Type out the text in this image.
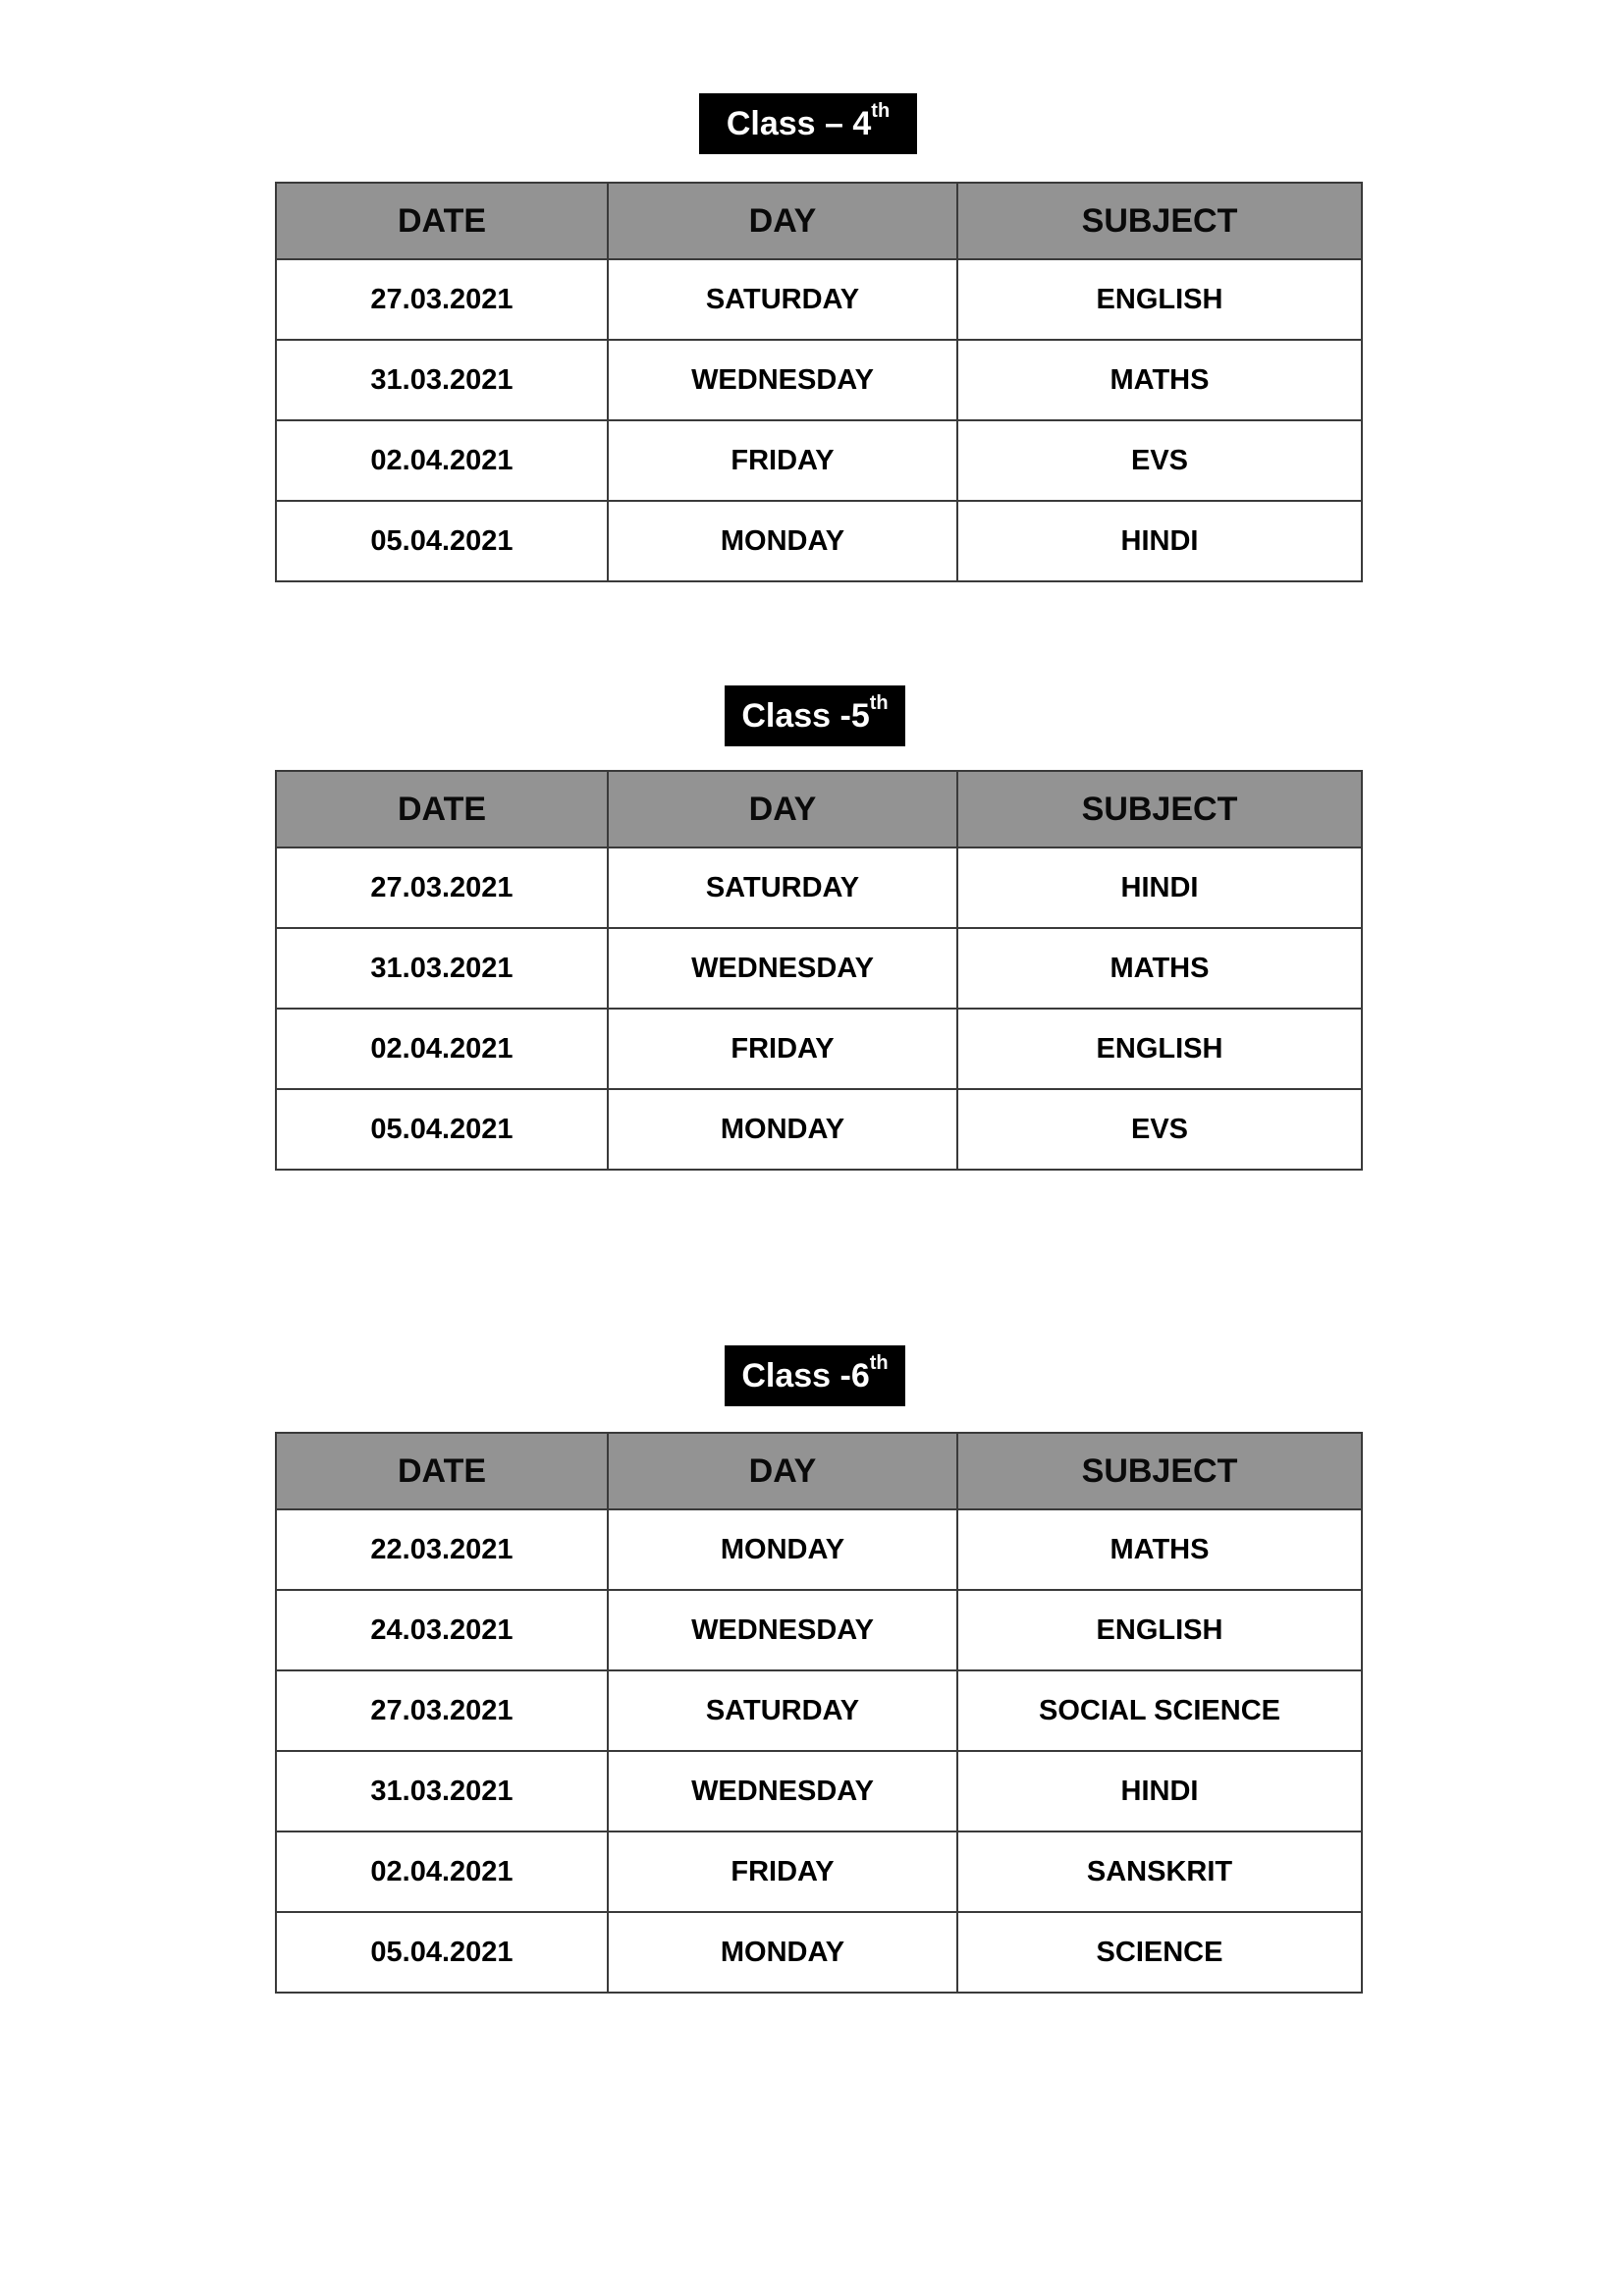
Class – 4th
DATE	DAY	SUBJECT
27.03.2021	SATURDAY	ENGLISH
31.03.2021	WEDNESDAY	MATHS
02.04.2021	FRIDAY	EVS
05.04.2021	MONDAY	HINDI
Class -5th
DATE	DAY	SUBJECT
27.03.2021	SATURDAY	HINDI
31.03.2021	WEDNESDAY	MATHS
02.04.2021	FRIDAY	ENGLISH
05.04.2021	MONDAY	EVS
Class -6th
DATE	DAY	SUBJECT
22.03.2021	MONDAY	MATHS
24.03.2021	WEDNESDAY	ENGLISH
27.03.2021	SATURDAY	SOCIAL SCIENCE
31.03.2021	WEDNESDAY	HINDI
02.04.2021	FRIDAY	SANSKRIT
05.04.2021	MONDAY	SCIENCE
